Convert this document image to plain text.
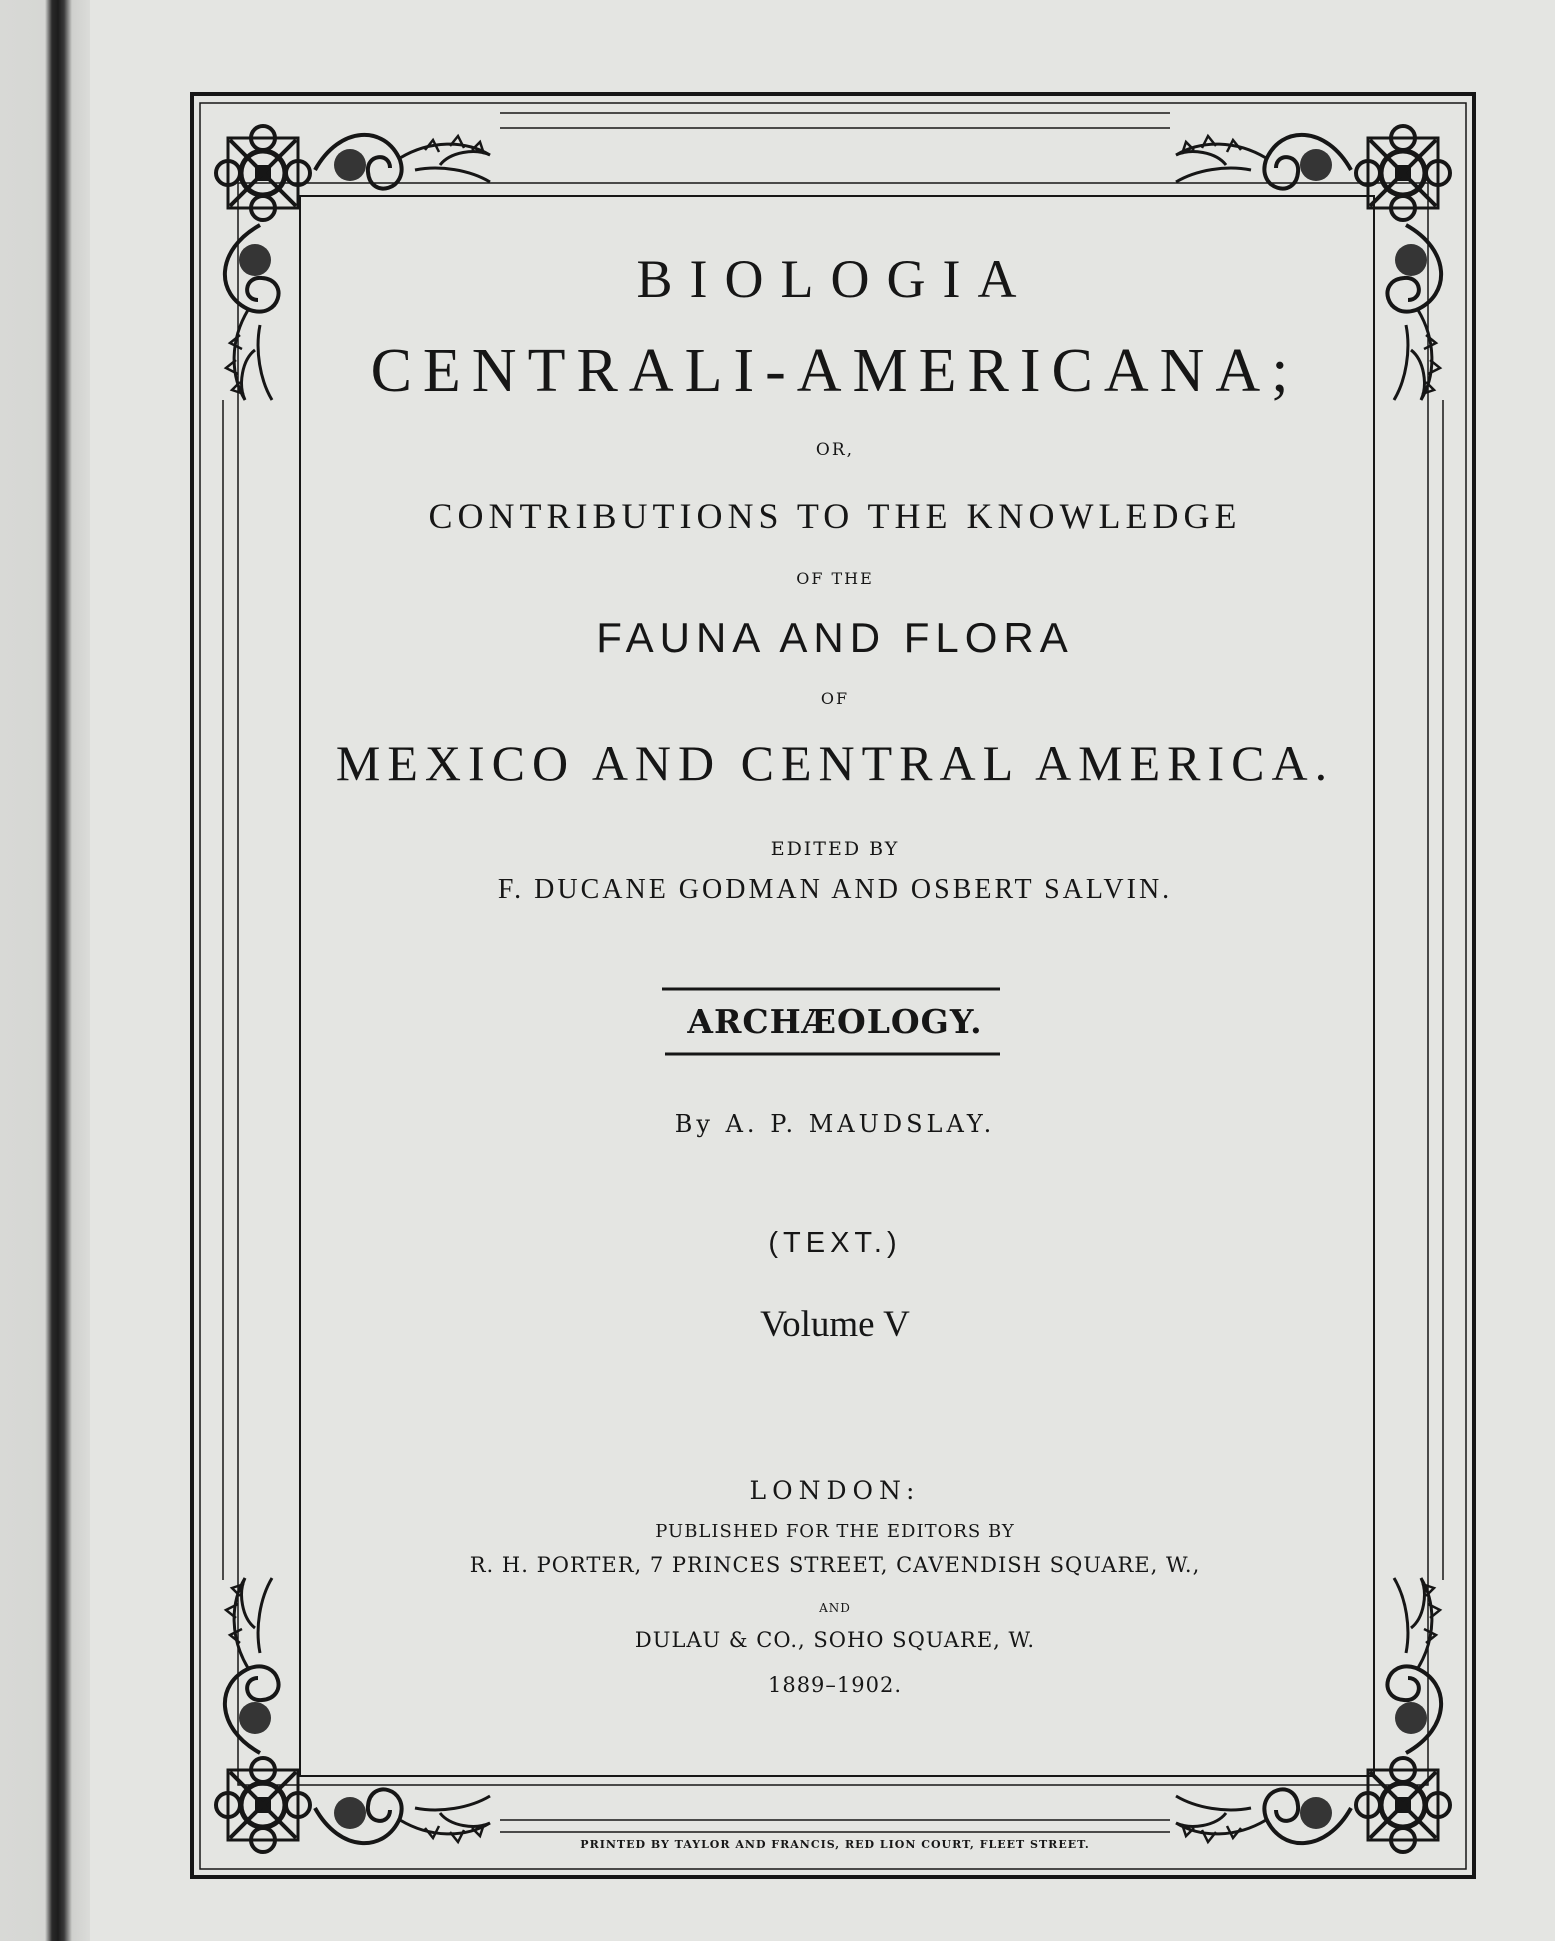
BIOLOGIA
CENTRALI-AMERICANA;
OR,
CONTRIBUTIONS TO THE KNOWLEDGE
OF THE
FAUNA AND FLORA
OF
MEXICO AND CENTRAL AMERICA.
EDITED BY
F. DUCANE GODMAN AND OSBERT SALVIN.
ARCHÆOLOGY.
By A. P. MAUDSLAY.
(TEXT.)
Volume V
LONDON:
PUBLISHED FOR THE EDITORS BY
R. H. PORTER, 7 PRINCES STREET, CAVENDISH SQUARE, W.,
AND
DULAU & CO., SOHO SQUARE, W.
1889–1902.
PRINTED BY TAYLOR AND FRANCIS, RED LION COURT, FLEET STREET.
